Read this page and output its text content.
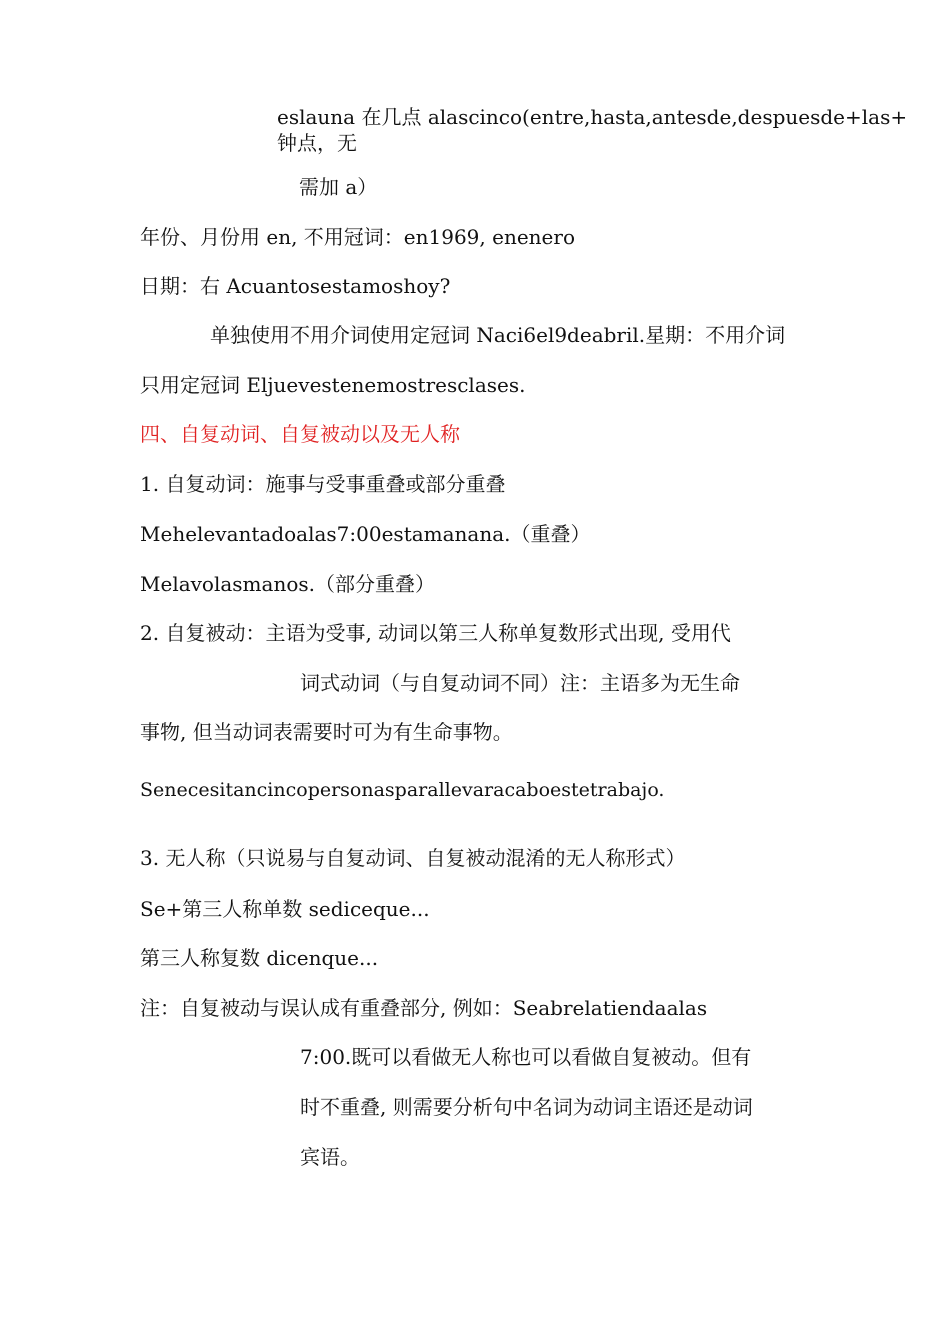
eslauna 在几点 alascinco(entre,hasta,antesde,despuesde+las+
钟点，无
需加 a）
年份、月份用 en, 不用冠词：en1969, enenero
日期：右 Acuantosestamoshoy?
单独使用不用介词使用定冠词 Naci6el9deabril.星期：不用介词
只用定冠词 Eljuevestenemostresclases.
四、自复动词、自复被动以及无人称
1. 自复动词：施事与受事重叠或部分重叠
Mehelevantadoalas7:00estamanana.（重叠）
Melavolasmanos.（部分重叠）
2. 自复被动：主语为受事, 动词以第三人称单复数形式出现, 受用代
词式动词（与自复动词不同）注：主语多为无生命
事物, 但当动词表需要时可为有生命事物。
Senecesitancincopersonasparallevaracaboestetrabajo.
3. 无人称（只说易与自复动词、自复被动混淆的无人称形式）
Se+第三人称单数 sediceque...
第三人称复数 dicenque...
注：自复被动与误认成有重叠部分, 例如：Seabrelatiendaalas
7:00.既可以看做无人称也可以看做自复被动。但有
时不重叠, 则需要分析句中名词为动词主语还是动词
宾语。
